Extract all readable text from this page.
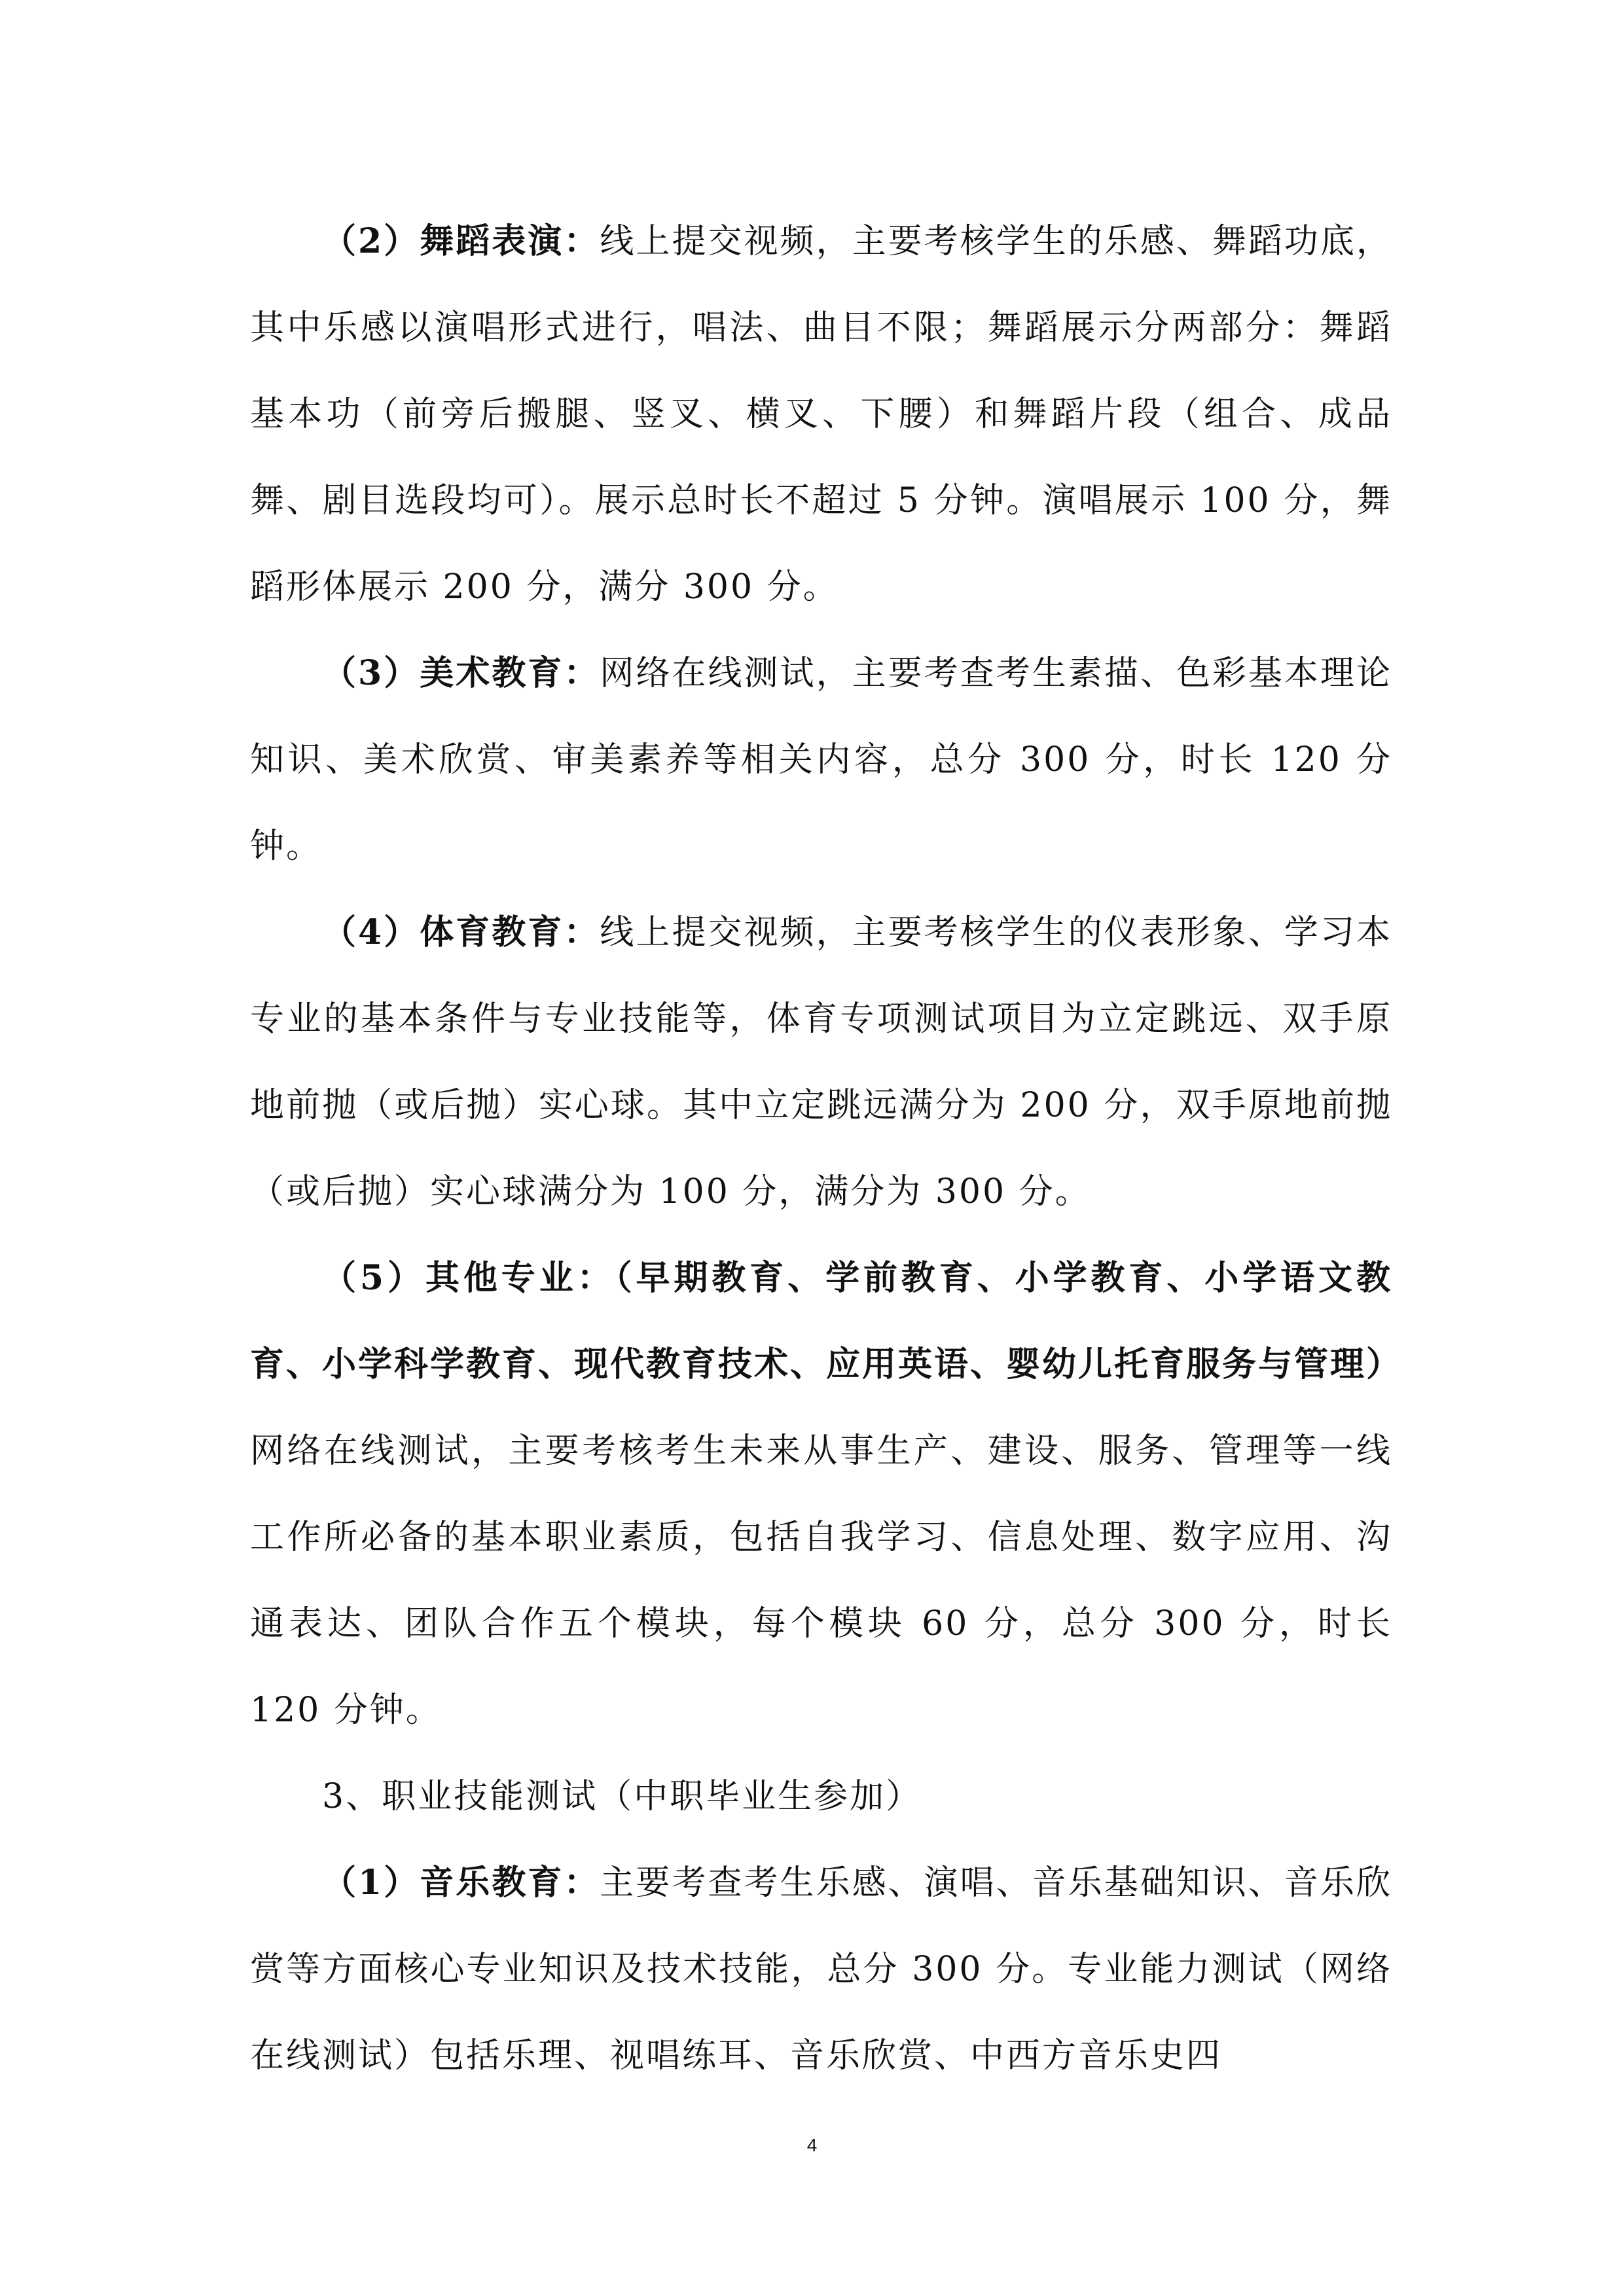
（2）舞蹈表演：线上提交视频，主要考核学生的乐感、舞蹈功底，其中乐感以演唱形式进行，唱法、曲目不限；舞蹈展示分两部分：舞蹈基本功（前旁后搬腿、竖叉、横叉、下腰）和舞蹈片段（组合、成品舞、剧目选段均可）。展示总时长不超过 5 分钟。演唱展示 100 分，舞蹈形体展示 200 分，满分 300 分。

（3）美术教育：网络在线测试，主要考查考生素描、色彩基本理论知识、美术欣赏、审美素养等相关内容，总分 300 分，时长 120 分钟。

（4）体育教育：线上提交视频，主要考核学生的仪表形象、学习本专业的基本条件与专业技能等，体育专项测试项目为立定跳远、双手原地前抛（或后抛）实心球。其中立定跳远满分为 200 分，双手原地前抛（或后抛）实心球满分为 100 分，满分为 300 分。

（5）其他专业：（早期教育、学前教育、小学教育、小学语文教育、小学科学教育、现代教育技术、应用英语、婴幼儿托育服务与管理）网络在线测试，主要考核考生未来从事生产、建设、服务、管理等一线工作所必备的基本职业素质，包括自我学习、信息处理、数字应用、沟通表达、团队合作五个模块，每个模块 60 分，总分 300 分，时长 120 分钟。

3、职业技能测试（中职毕业生参加）

（1）音乐教育：主要考查考生乐感、演唱、音乐基础知识、音乐欣赏等方面核心专业知识及技术技能，总分 300 分。专业能力测试（网络在线测试）包括乐理、视唱练耳、音乐欣赏、中西方音乐史四

4
